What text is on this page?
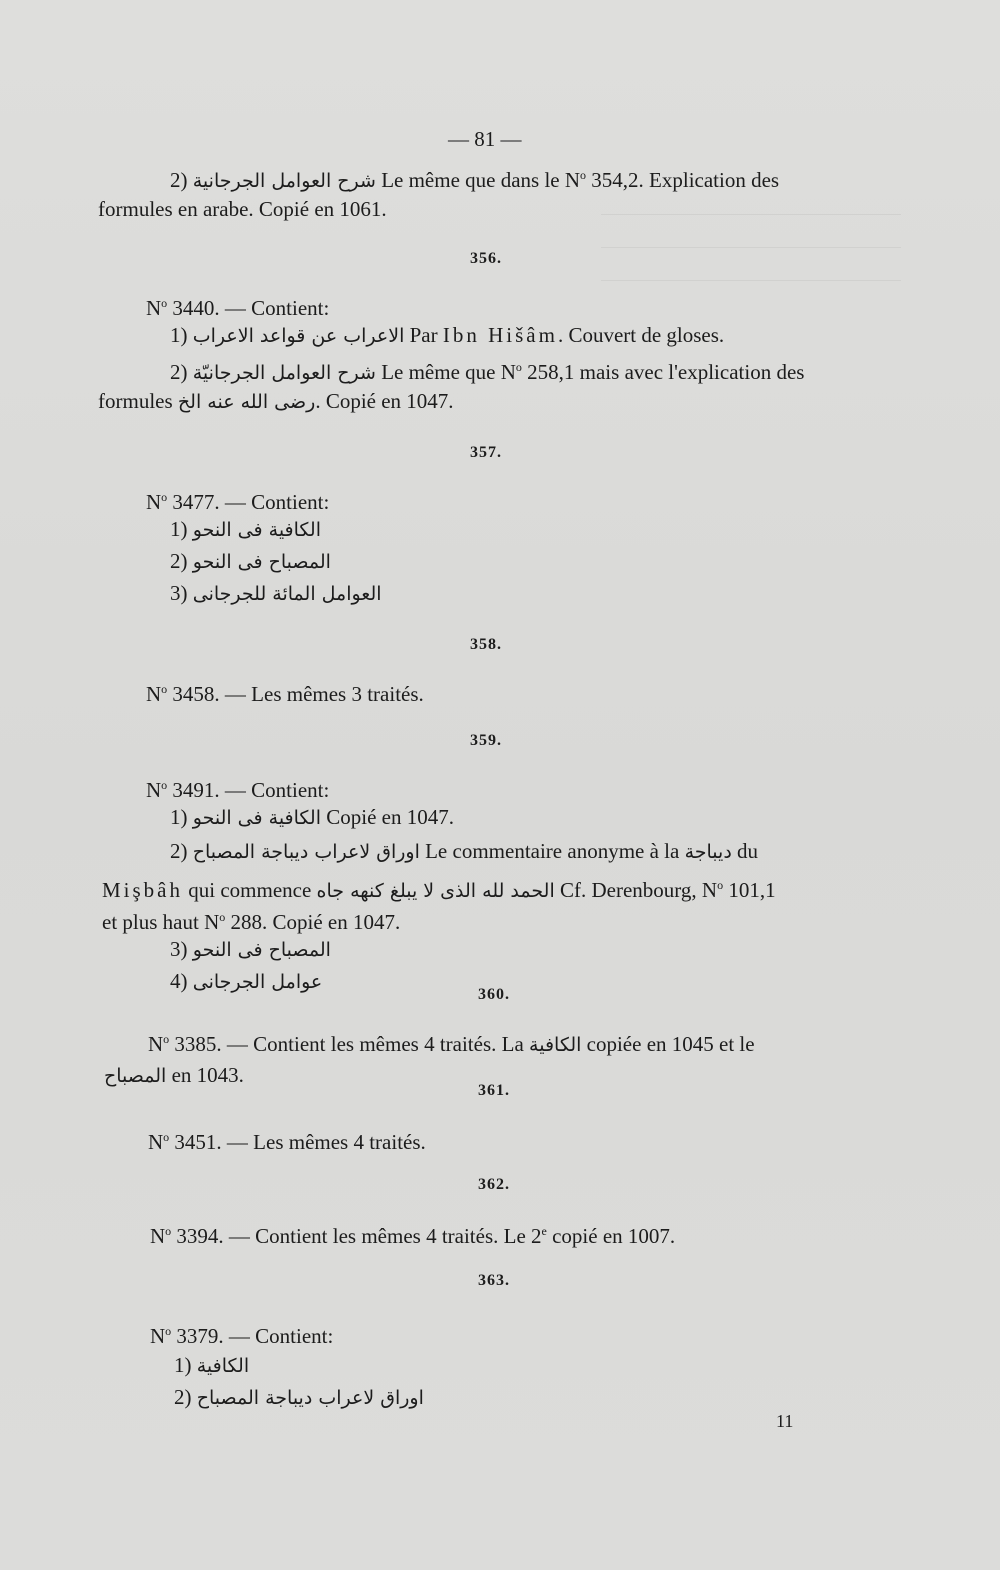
— 81 —
2) شرح العوامل الجرجانية Le même que dans le $N^o$ 354,2. Explication des
formules en arabe. Copié en 1061.
356.
$N^o$ 3440. — Contient:
1) الاعراب عن قواعد الاعراب Par Ibn Hišâm. Couvert de gloses.
2) شرح العوامل الجرجانيّة Le même que $N^o$ 258,1 mais avec l'explication des
formules رضى الله عنه الخ. Copié en 1047.
357.
$N^o$ 3477. — Contient:
1) الكافية فى النحو
2) المصباح فى النحو
3) العوامل المائة للجرجانى
358.
$N^o$ 3458. — Les mêmes 3 traités.
359.
$N^o$ 3491. — Contient:
1) الكافية فى النحو Copié en 1047.
2) اوراق لاعراب ديباجة المصباح Le commentaire anonyme à la ديباجة du
Mişbâh qui commence الحمد لله الذى لا يبلغ كنهه جاه Cf. Derenbourg, $N^o$ 101,1
et plus haut $N^o$ 288. Copié en 1047.
3) المصباح فى النحو
4) عوامل الجرجانى
360.
$N^o$ 3385. — Contient les mêmes 4 traités. La الكافية copiée en 1045 et le
المصباح en 1043.
361.
$N^o$ 3451. — Les mêmes 4 traités.
362.
$N^o$ 3394. — Contient les mêmes 4 traités. Le 2e copié en 1007.
363.
$N^o$ 3379. — Contient:
1) الكافية
2) اوراق لاعراب ديباجة المصباح
11
